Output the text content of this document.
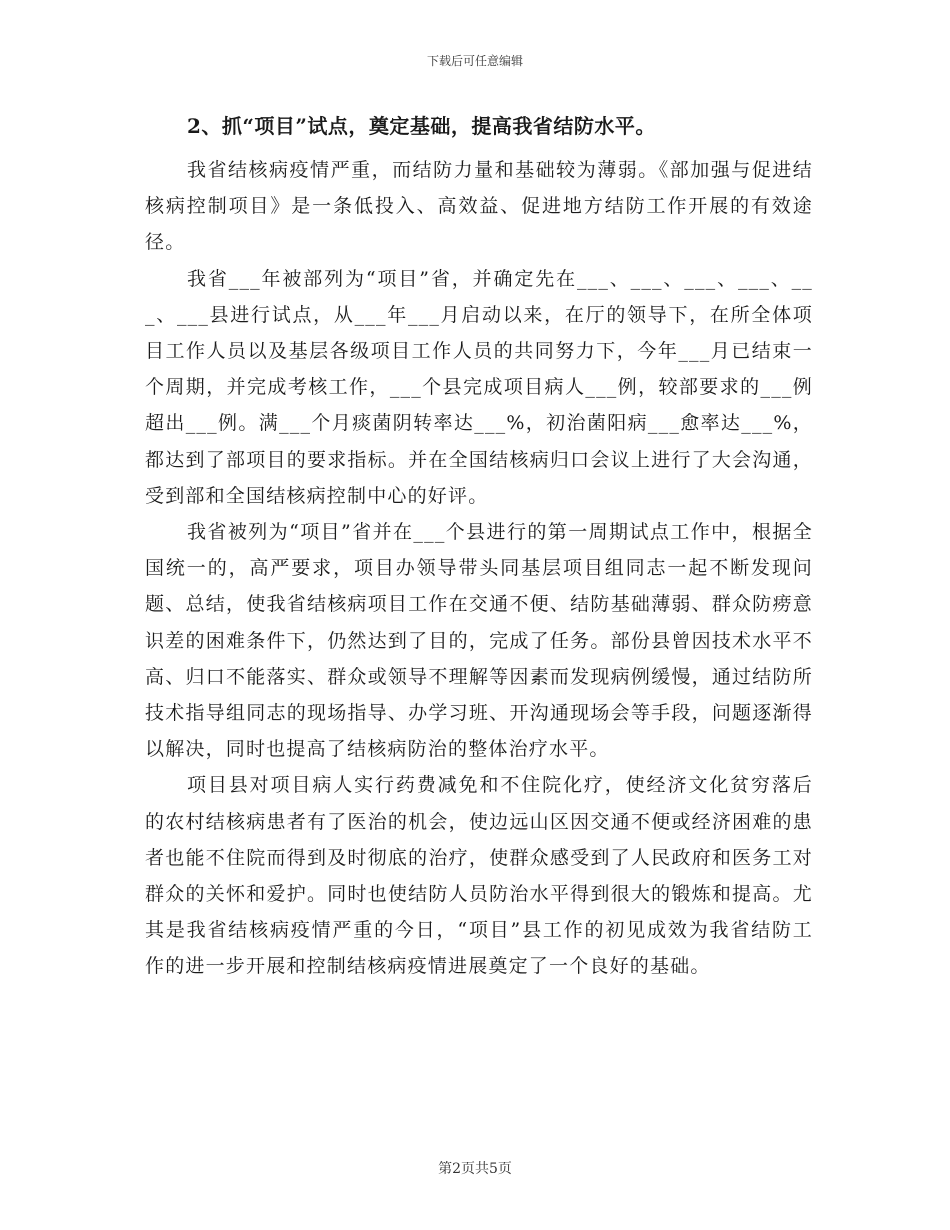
下载后可任意编辑

2、抓“项目”试点，奠定基础，提高我省结防水平。

我省结核病疫情严重，而结防力量和基础较为薄弱。《部加强与促进结核病控制项目》是一条低投入、高效益、促进地方结防工作开展的有效途径。

我省___年被部列为“项目”省，并确定先在___、___、___、___、___、___县进行试点，从___年___月启动以来，在厅的领导下，在所全体项目工作人员以及基层各级项目工作人员的共同努力下，今年___月已结束一个周期，并完成考核工作，___个县完成项目病人___例，较部要求的___例超出___例。满___个月痰菌阴转率达___%，初治菌阳病___愈率达___%，都达到了部项目的要求指标。并在全国结核病归口会议上进行了大会沟通，受到部和全国结核病控制中心的好评。

我省被列为“项目”省并在___个县进行的第一周期试点工作中，根据全国统一的，高严要求，项目办领导带头同基层项目组同志一起不断发现问题、总结，使我省结核病项目工作在交通不便、结防基础薄弱、群众防痨意识差的困难条件下，仍然达到了目的，完成了任务。部份县曾因技术水平不高、归口不能落实、群众或领导不理解等因素而发现病例缓慢，通过结防所技术指导组同志的现场指导、办学习班、开沟通现场会等手段，问题逐渐得以解决，同时也提高了结核病防治的整体治疗水平。

项目县对项目病人实行药费减免和不住院化疗，使经济文化贫穷落后的农村结核病患者有了医治的机会，使边远山区因交通不便或经济困难的患者也能不住院而得到及时彻底的治疗，使群众感受到了人民政府和医务工对群众的关怀和爱护。同时也使结防人员防治水平得到很大的锻炼和提高。尤其是我省结核病疫情严重的今日，“项目”县工作的初见成效为我省结防工作的进一步开展和控制结核病疫情进展奠定了一个良好的基础。

第2页共5页
